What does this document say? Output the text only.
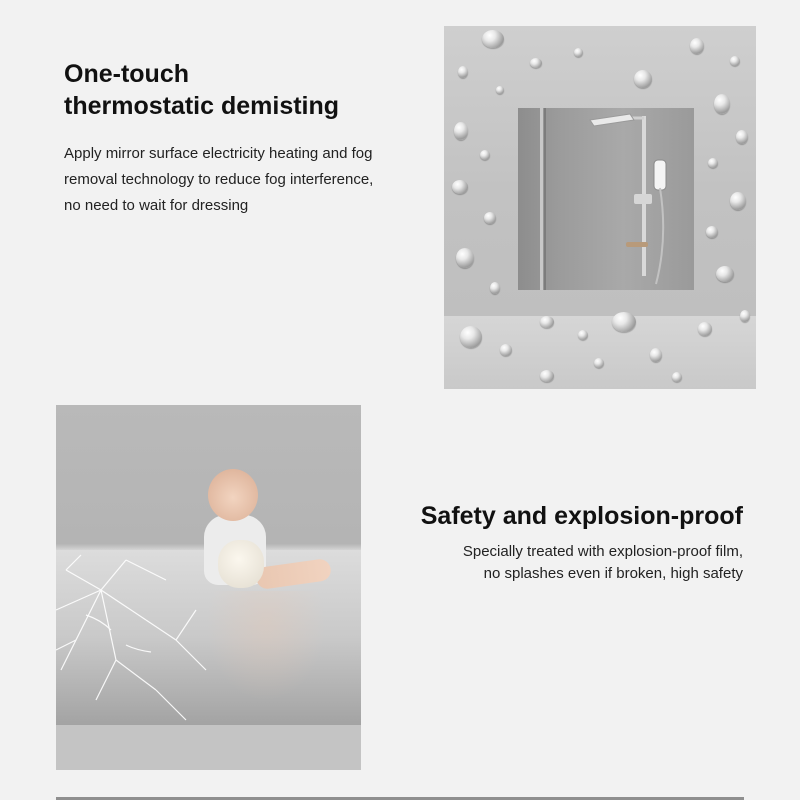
One-touch
thermostatic demisting

Apply mirror surface electricity heating and fog
removal technology to reduce fog interference,
no need to wait for dressing

Safety and explosion-proof

Specially treated with explosion-proof film,
no splashes even if broken, high safety
